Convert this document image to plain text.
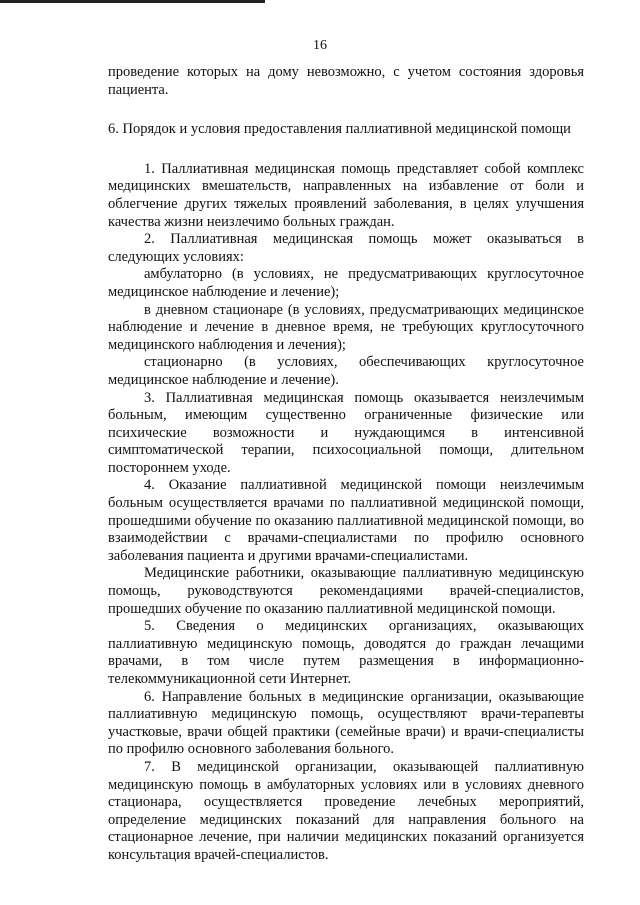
16

проведение которых на дому невозможно, с учетом состояния здоровья пациента.

6. Порядок и условия предоставления паллиативной медицинской помощи

1. Паллиативная медицинская помощь представляет собой комплекс медицинских вмешательств, направленных на избавление от боли и облегчение других тяжелых проявлений заболевания, в целях улучшения качества жизни неизлечимо больных граждан.

2. Паллиативная медицинская помощь может оказываться в следующих условиях:

амбулаторно (в условиях, не предусматривающих круглосуточное медицинское наблюдение и лечение);

в дневном стационаре (в условиях, предусматривающих медицинское наблюдение и лечение в дневное время, не требующих круглосуточного медицинского наблюдения и лечения);

стационарно (в условиях, обеспечивающих круглосуточное медицинское наблюдение и лечение).

3. Паллиативная медицинская помощь оказывается неизлечимым больным, имеющим существенно ограниченные физические или психические возможности и нуждающимся в интенсивной симптоматической терапии, психосоциальной помощи, длительном постороннем уходе.

4. Оказание паллиативной медицинской помощи неизлечимым больным осуществляется врачами по паллиативной медицинской помощи, прошедшими обучение по оказанию паллиативной медицинской помощи, во взаимодействии с врачами-специалистами по профилю основного заболевания пациента и другими врачами-специалистами.

Медицинские работники, оказывающие паллиативную медицинскую помощь, руководствуются рекомендациями врачей-специалистов, прошедших обучение по оказанию паллиативной медицинской помощи.

5. Сведения о медицинских организациях, оказывающих паллиативную медицинскую помощь, доводятся до граждан лечащими врачами, в том числе путем размещения в информационно-телекоммуникационной сети Интернет.

6. Направление больных в медицинские организации, оказывающие паллиативную медицинскую помощь, осуществляют врачи-терапевты участковые, врачи общей практики (семейные врачи) и врачи-специалисты по профилю основного заболевания больного.

7. В медицинской организации, оказывающей паллиативную медицинскую помощь в амбулаторных условиях или в условиях дневного стационара, осуществляется проведение лечебных мероприятий, определение медицинских показаний для направления больного на стационарное лечение, при наличии медицинских показаний организуется консультация врачей-специалистов.
